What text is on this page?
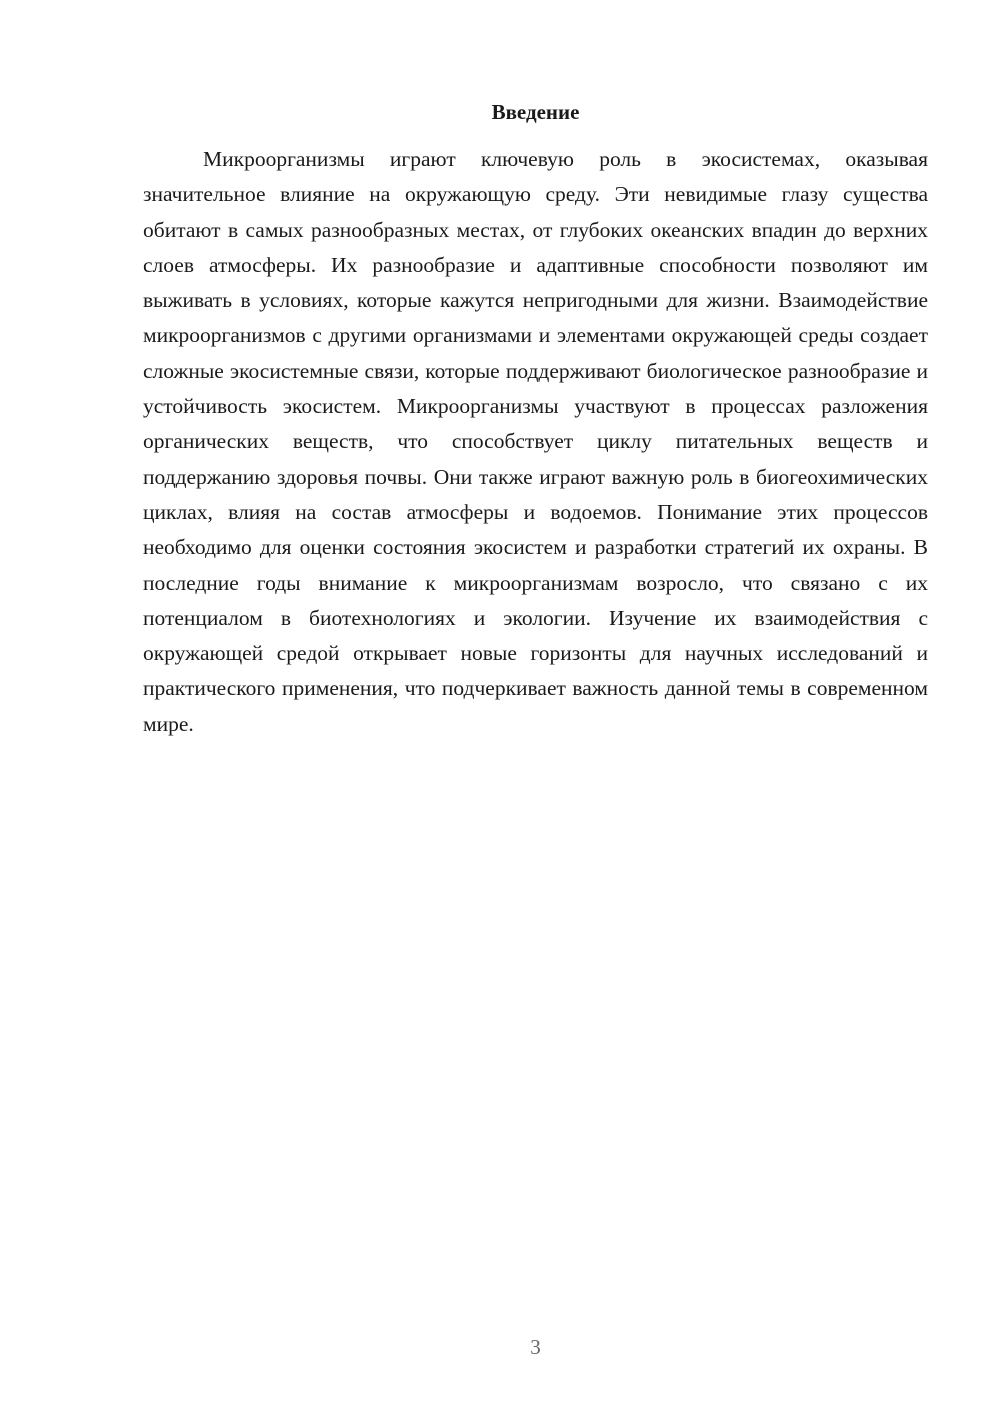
Введение

Микроорганизмы играют ключевую роль в экосистемах, оказывая значительное влияние на окружающую среду. Эти невидимые глазу существа обитают в самых разнообразных местах, от глубоких океанских впадин до верхних слоев атмосферы. Их разнообразие и адаптивные способности позволяют им выживать в условиях, которые кажутся непригодными для жизни. Взаимодействие микроорганизмов с другими организмами и элементами окружающей среды создает сложные экосистемные связи, которые поддерживают биологическое разнообразие и устойчивость экосистем. Микроорганизмы участвуют в процессах разложения органических веществ, что способствует циклу питательных веществ и поддержанию здоровья почвы. Они также играют важную роль в биогеохимических циклах, влияя на состав атмосферы и водоемов. Понимание этих процессов необходимо для оценки состояния экосистем и разработки стратегий их охраны. В последние годы внимание к микроорганизмам возросло, что связано с их потенциалом в биотехнологиях и экологии. Изучение их взаимодействия с окружающей средой открывает новые горизонты для научных исследований и практического применения, что подчеркивает важность данной темы в современном мире.

3
